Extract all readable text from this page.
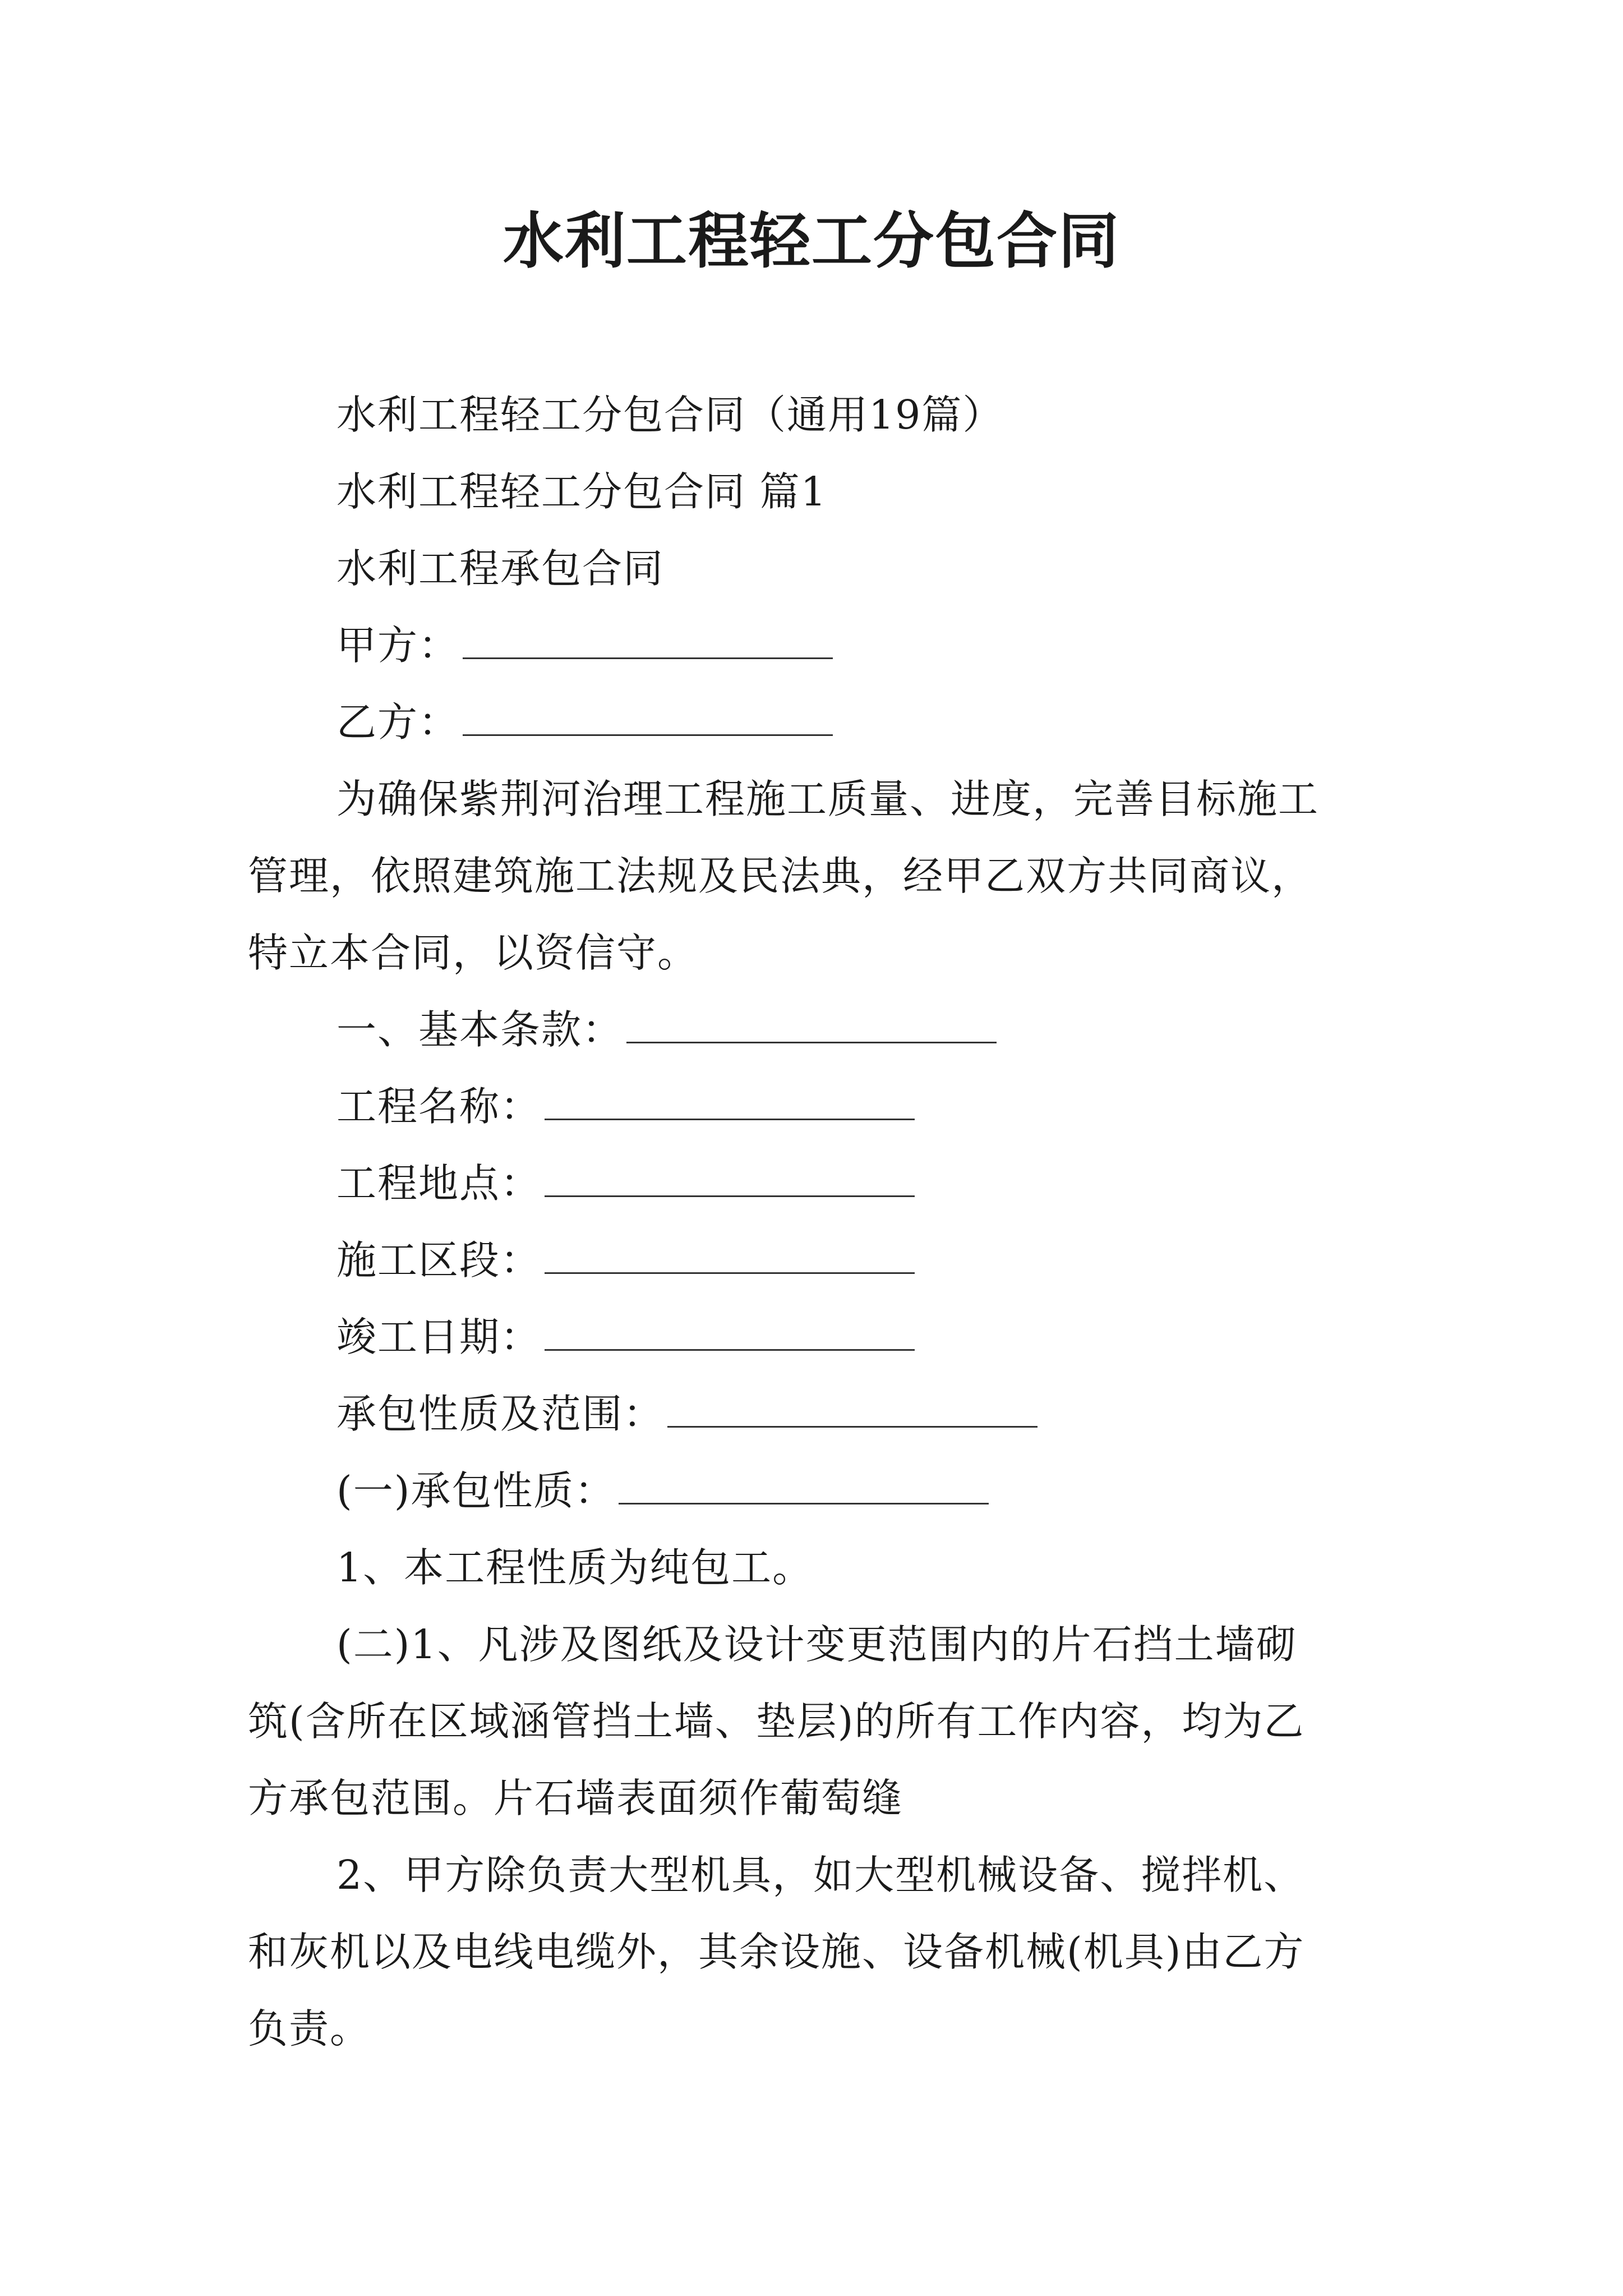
水利工程轻工分包合同
水利工程轻工分包合同（通用19篇）
水利工程轻工分包合同 篇1
水利工程承包合同
甲方：
乙方：
为确保紫荆河治理工程施工质量、进度，完善目标施工
管理，依照建筑施工法规及民法典，经甲乙双方共同商议，
特立本合同，以资信守。
一、基本条款：
工程名称：
工程地点：
施工区段：
竣工日期：
承包性质及范围：
(一)承包性质：
1、本工程性质为纯包工。
(二)1、凡涉及图纸及设计变更范围内的片石挡土墙砌
筑(含所在区域涵管挡土墙、垫层)的所有工作内容，均为乙
方承包范围。片石墙表面须作葡萄缝
2、甲方除负责大型机具，如大型机械设备、搅拌机、
和灰机以及电线电缆外，其余设施、设备机械(机具)由乙方
负责。
